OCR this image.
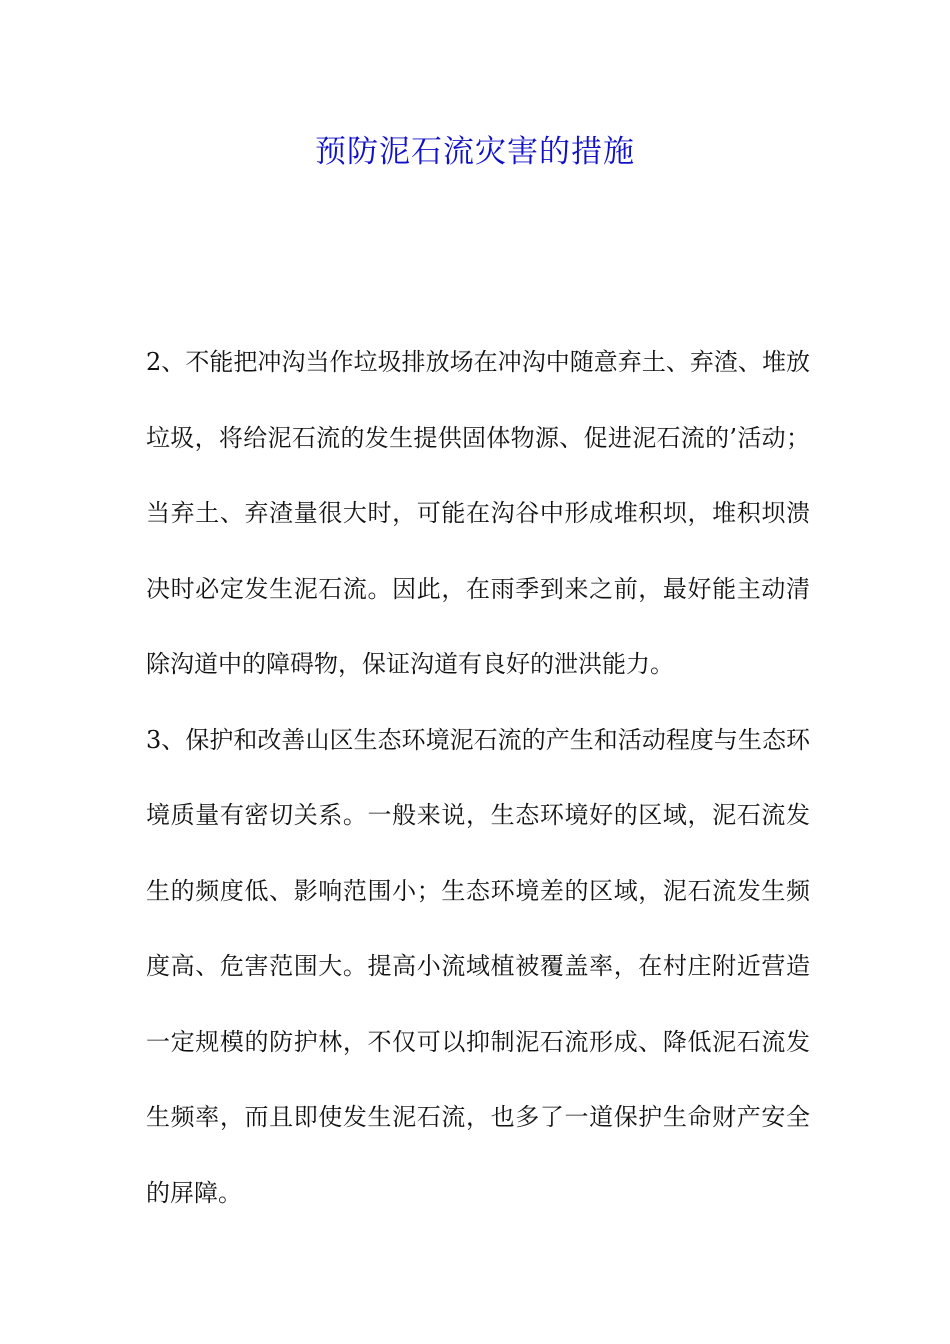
预防泥石流灾害的措施
2、不能把冲沟当作垃圾排放场在冲沟中随意弃土、弃渣、堆放
垃圾，将给泥石流的发生提供固体物源、促进泥石流的’活动；
当弃土、弃渣量很大时，可能在沟谷中形成堆积坝，堆积坝溃
决时必定发生泥石流。因此，在雨季到来之前，最好能主动清
除沟道中的障碍物，保证沟道有良好的泄洪能力。
3、保护和改善山区生态环境泥石流的产生和活动程度与生态环
境质量有密切关系。一般来说，生态环境好的区域，泥石流发
生的频度低、影响范围小；生态环境差的区域，泥石流发生频
度高、危害范围大。提高小流域植被覆盖率，在村庄附近营造
一定规模的防护林，不仅可以抑制泥石流形成、降低泥石流发
生频率，而且即使发生泥石流，也多了一道保护生命财产安全
的屏障。
